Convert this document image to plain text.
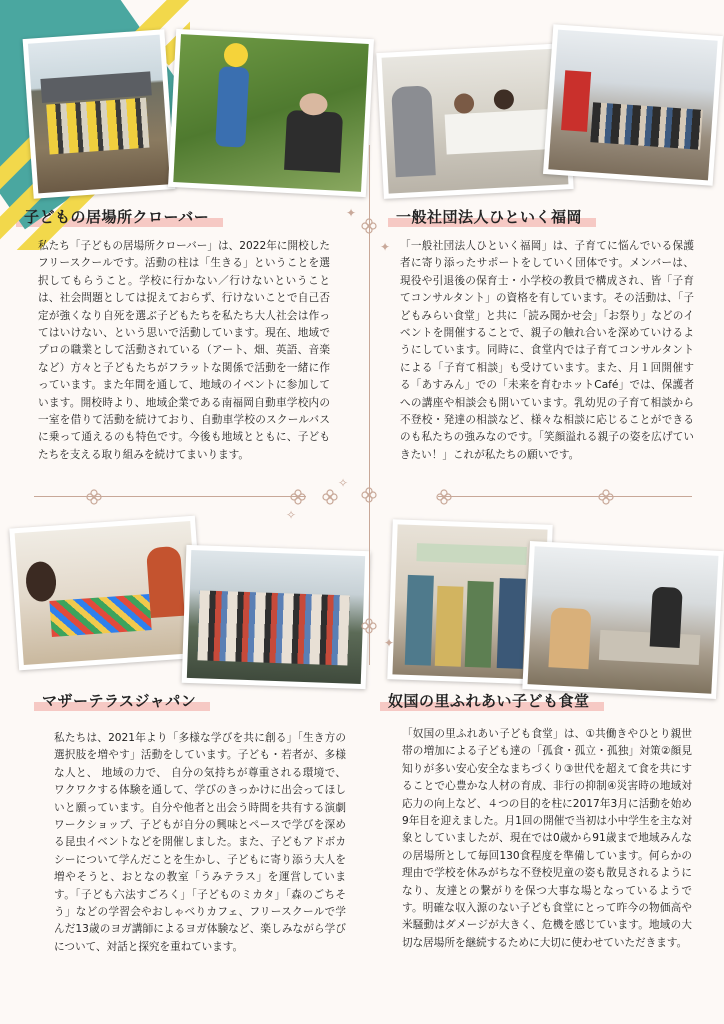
✦
✦
✧
✧
✦
子どもの居場所クローバー

私たち「子どもの居場所クローバー」は、2022年に開校したフリースクールです。活動の柱は「生きる」ということを選択してもらうこと。学校に行かない／行けないということは、社会問題としては捉えておらず、行けないことで自己否定が強くなり自死を選ぶ子どもたちを私たち大人社会は作ってはいけない、という思いで活動しています。現在、地域でプロの職業として活動されている（アート、畑、英語、音楽など）方々と子どもたちがフラットな関係で活動を一緒に作っています。また年間を通して、地域のイベントに参加しています。開校時より、地域企業である南福岡自動車学校内の一室を借りて活動を続けており、自動車学校のスクールバスに乗って通えるのも特色です。今後も地域とともに、子どもたちを支える取り組みを続けてまいります。

一般社団法人ひといく福岡

「一般社団法人ひといく福岡」は、子育てに悩んでいる保護者に寄り添ったサポートをしていく団体です。メンバーは、現役や引退後の保育士・小学校の教員で構成され、皆「子育てコンサルタント」の資格を有しています。その活動は、「子どもみらい食堂」と共に「読み聞かせ会」「お祭り」などのイベントを開催することで、親子の触れ合いを深めていけるようにしています。同時に、食堂内では子育てコンサルタントによる「子育て相談」も受けています。また、月１回開催する「あすみん」での「未来を育むホットCafé」では、保護者への講座や相談会も開いています。乳幼児の子育て相談から不登校・発達の相談など、様々な相談に応じることができるのも私たちの強みなのです。「笑顔溢れる親子の姿を広げていきたい！」これが私たちの願いです。

マザーテラスジャパン

私たちは、2021年より「多様な学びを共に創る」「生き方の選択肢を増やす」活動をしています。子ども・若者が、多様な人と、 地域の力で、 自分の気持ちが尊重される環境で、ワクワクする体験を通して、学びのきっかけに出会ってほしいと願っています。自分や他者と出会う時間を共有する演劇ワークショップ、子どもが自分の興味とペースで学びを深める昆虫イベントなどを開催しました。また、子どもアドボカシーについて学んだことを生かし、子どもに寄り添う大人を増やそうと、おとなの教室「うみテラス」を運営しています。「子ども六法すごろく」「子どものミカタ」「森のごちそう」などの学習会やおしゃべりカフェ、フリースクールで学んだ13歳のヨガ講師によるヨガ体験など、楽しみながら学びについて、対話と探究を重ねています。

奴国の里ふれあい子ども食堂

「奴国の里ふれあい子ども食堂」は、①共働きやひとり親世帯の増加による子ども達の「孤食・孤立・孤独」対策②顔見知りが多い安心安全なまちづくり③世代を超えて食を共にすることで心豊かな人材の育成、非行の抑制④災害時の地域対応力の向上など、４つの目的を柱に2017年3月に活動を始め9年目を迎えました。月1回の開催で当初は小中学生を主な対象としていましたが、現在では0歳から91歳まで地域みんなの居場所として毎回130食程度を準備しています。何らかの理由で学校を休みがちな不登校児童の姿も散見されるようになり、友達との繋がりを保つ大事な場となっているようです。明確な収入源のない子ども食堂にとって昨今の物価高や米騒動はダメージが大きく、危機を感じています。地域の大切な居場所を継続するために大切に使わせていただきます。
